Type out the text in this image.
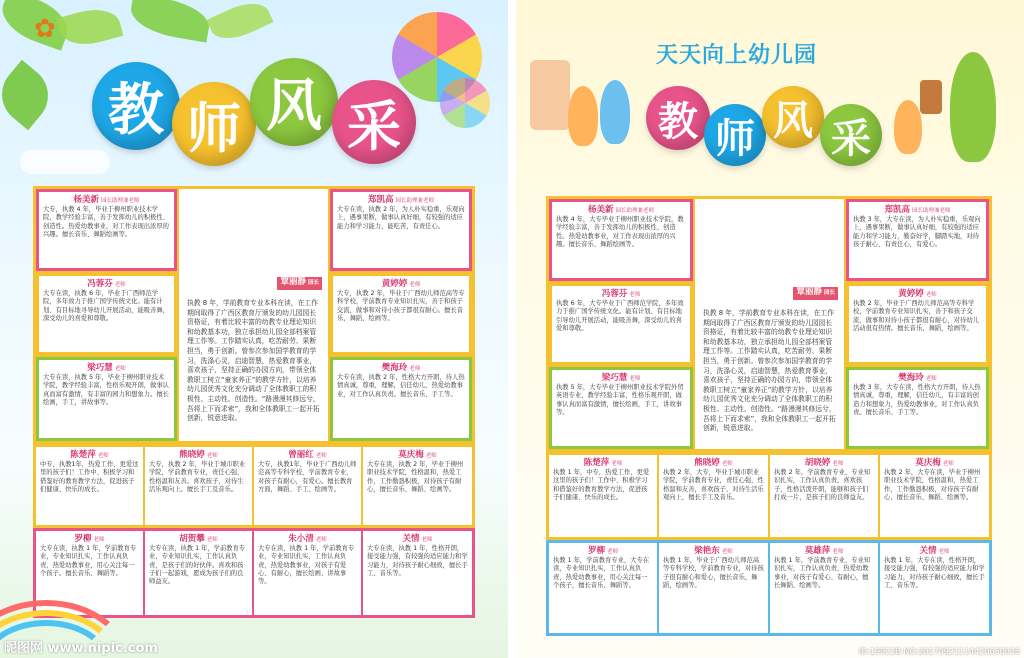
✿
教 师 风 采
杨美新 园长助理兼老师
大专，执教 4 年，毕业于柳州职业技术学院，教学经验丰富，善于发挥幼儿的积极性、创造性。热爱幼教事业，对工作表现出浓厚的兴趣。擅长音乐、舞蹈绘画等。
冯蓉芬 老师
大专在读，执教 6 年，毕业于广西师范学院，多年致力于推广国学传统文化。能有计划、有目标地寻导幼儿开展活动，能吸善舞，深受幼儿的喜爱和尊敬。
梁巧慧 老师
大专在读，执教 5 年，毕业于柳州职业技术学院，教学经验丰富，性格乐观开朗，做事认真而富有激情，有丰富的园力和想象力。擅长绘画，手工，讲故事等。
覃丽静 园长
执教 8 年，学前教育专业本科在读，在工作期间取得了广西区教育厅颁发的幼儿园园长资格证，有着比较丰富的幼教专业理论知识和幼教基本功，独立承担幼儿园全部档案管理工作等。工作踏实认真，吃苦耐劳、果断担当，勇于创新。曾参次参加国学教育的学习，洗涤心灵，启迪智慧，热爱教育事业，喜欢孩子，坚持正确的办园方向，带领全体教职工树立“童家养正”的教学方针，以培养幼儿园优秀文化充分调动了全体教职工的积极性、主动性、创造性。“路漫漫其修远兮，吾将上下而求索”，我和全体教职工一起开拓创新，锐意进取。
郑凯高 园长助理兼老师
大专在读，执教 2 年，为人朴实稳重，乐观向上，遇事果断，做事认真好细，有较强的适应能力和学习能力，能吃苦，有责任心。
黄婷婷 老师
大专，执教 2 年，毕业于广西幼儿师范高等专科学校，学前教育专业知识扎实，善于和孩子交流，做事和对待小孩子都很有耐心。擅长音乐，舞蹈，绘画等。
樊海玲 老师
大专在读，执教 2 年，性格大方开朗，待人热情真诚，尊重，理解，信任幼儿，热爱幼教事业，对工作认真负责。擅长音乐、手工等。
陈楚萍 老师
中专，执教1年，热爱工作，更爱这里的孩子们！工作中、积极学习和借鉴好的教育教学方法，促进孩子们健康、快乐的成长。
熊晓婷 老师
大专，执教 2 年，毕业于城市职业学院，学前教育专业，责任心强，性格温和友善。喜欢孩子，对待生活乐观向上。擅长手工及音乐。
曾丽红 老师
大专，执教1年，毕业于广西幼儿师范高等专科学校，学前教育专业，对孩子有耐心，有爱心。擅长教育方面，舞蹈、手工、绘画等。
莫庆梅 老师
大专在读，执教 2 年，毕业于柳州职业技术学院，性格温和，热爱工作，工作勤恳积极，对待孩子有耐心，擅长音乐、舞蹈、绘画等。
罗柳 老师
大专在读，执教 1 年，学前教育专业，专业知识扎实，工作认真负责，热爱幼教事业，用心关注每一个孩子。擅长音乐、舞蹈等。
胡贺攀 老师
大专在读，执教 1 年，学前教育专业，专业知识扎实，工作认真负责，是孩子们的好伙伴。喜欢和孩子们一起游戏，愿成为孩子们的良师益友。
朱小清 老师
大专在读，执教 1 年，学前教育专业，专业知识扎实，工作认真负责，热爱幼教事业，对孩子有爱心、有耐心，擅长绘画、讲故事等。
关情 老师
大专在读，执教 1 年，性格开朗，接受能力强，有较强的适应能力和学习能力，对待孩子耐心细致，擅长手工、音乐等。
昵图网 www.nipic.com
天天向上幼儿园
教 师 风 采
杨美新 园长助理兼老师
执教 4 年，大专毕业于柳州职业技术学院，教学经验丰富，善于发挥幼儿的积极性、创造性。热爱幼教事业，对工作表现出浓厚的兴趣。擅长音乐、舞蹈绘画等。
冯蓉芬 老师
执教 6 年，大专毕业于广西师范学院，多年致力于推广国学传统文化。能有计划、有目标地引导幼儿开展活动，能吸善舞，深受幼儿的喜爱和尊敬。
梁巧慧 老师
执教 5 年，大专毕业于柳州职业技术学院外贸英语专业，教学经验丰富，性格乐观开朗，做事认真而富有激情，擅长绘画，手工，讲故事等。
覃丽静 园长
执教 8 年，学前教育专业本科在读，在工作期间取得了广西区教育厅颁发的幼儿园园长资格证，有着比较丰富的幼教专业理论知识和幼教基本功，独立承担幼儿园全部档案管理工作等。工作踏实认真，吃苦耐劳、果断担当，勇于创新。曾参次参加国学教育的学习，洗涤心灵，启迪智慧，热爱教育事业，喜欢孩子，坚持正确的办园方向，带领全体教职工树立“童家养正”的教学方针，以培养幼儿园优秀文化充分调动了全体教职工的积极性、主动性、创造性。“路漫漫其修远兮，吾将上下而求索”，我和全体教职工一起开拓创新，锐意进取。
郑凯高 园长助理兼老师
执教 3 年，大专在读，为人朴实稳重，乐观向上，遇事果断，做事认真好细，有较强的适应能力和学习能力，勤奋好学，脚踏实地，对待孩子耐心、有责任心，有爱心。
黄婷婷 老师
执教 2 年，毕业于广西幼儿师范高等专科学校，学前教育专业知识扎实，善于和孩子交流，做事和对待小孩子都很有耐心，对待幼儿活动很有热情。擅长音乐，舞蹈，绘画等。
樊海玲 老师
执教 3 年，大专在读，性格大方开朗，待人热情真诚，尊重，理解，信任幼儿，有丰富的创造力和想象力，热爱幼教事业，对工作认真负责。擅长音乐、手工等。
陈楚萍 老师
执教 1 年，中专，热爱工作，更爱这里的孩子们！工作中、积极学习和借鉴好的教育教学方法，促进孩子们健康、快乐的成长。
熊晓婷 老师
执教 2 年，大专，毕业于城市职业学院，学前教育专业，责任心强，性格温和友善，喜欢孩子，对待生活乐观向上，擅长手工及音乐。
胡晓婷 老师
执教 2 年，学前教育专业，专业知识扎实，工作认真负责，喜欢孩子，性格活泼开朗，能够和孩子们打成一片，是孩子们的良师益友。
莫庆梅 老师
执教 2 年，大专在读，毕业于柳州职业技术学院，性格温和，热爱工作，工作勤恳积极，对待孩子有耐心，擅长音乐、舞蹈、绘画等。
罗柳 老师
执教 1 年，学前教育专业，大专在读，专业知识扎实，工作认真负责，热爱幼教事业，用心关注每一个孩子，擅长音乐、舞蹈等。
梁艳东 老师
执教 1 年，毕业于广西幼儿师范高等专科学校，学前教育专业，对待孩子很有耐心和爱心，擅长音乐，舞蹈，绘画等。
莫雄萍 老师
执教 1 年，学前教育专业，专业知识扎实，工作认真负责，热爱幼教事业，对孩子有爱心、有耐心，擅长舞蹈、绘画等。
关情 老师
执教 1 年，大专在读，性格开朗，接受能力强，有较强的适应能力和学习能力，对待孩子耐心细致，擅长手工、音乐等。
ID:19922B NO:20170921114420630036
